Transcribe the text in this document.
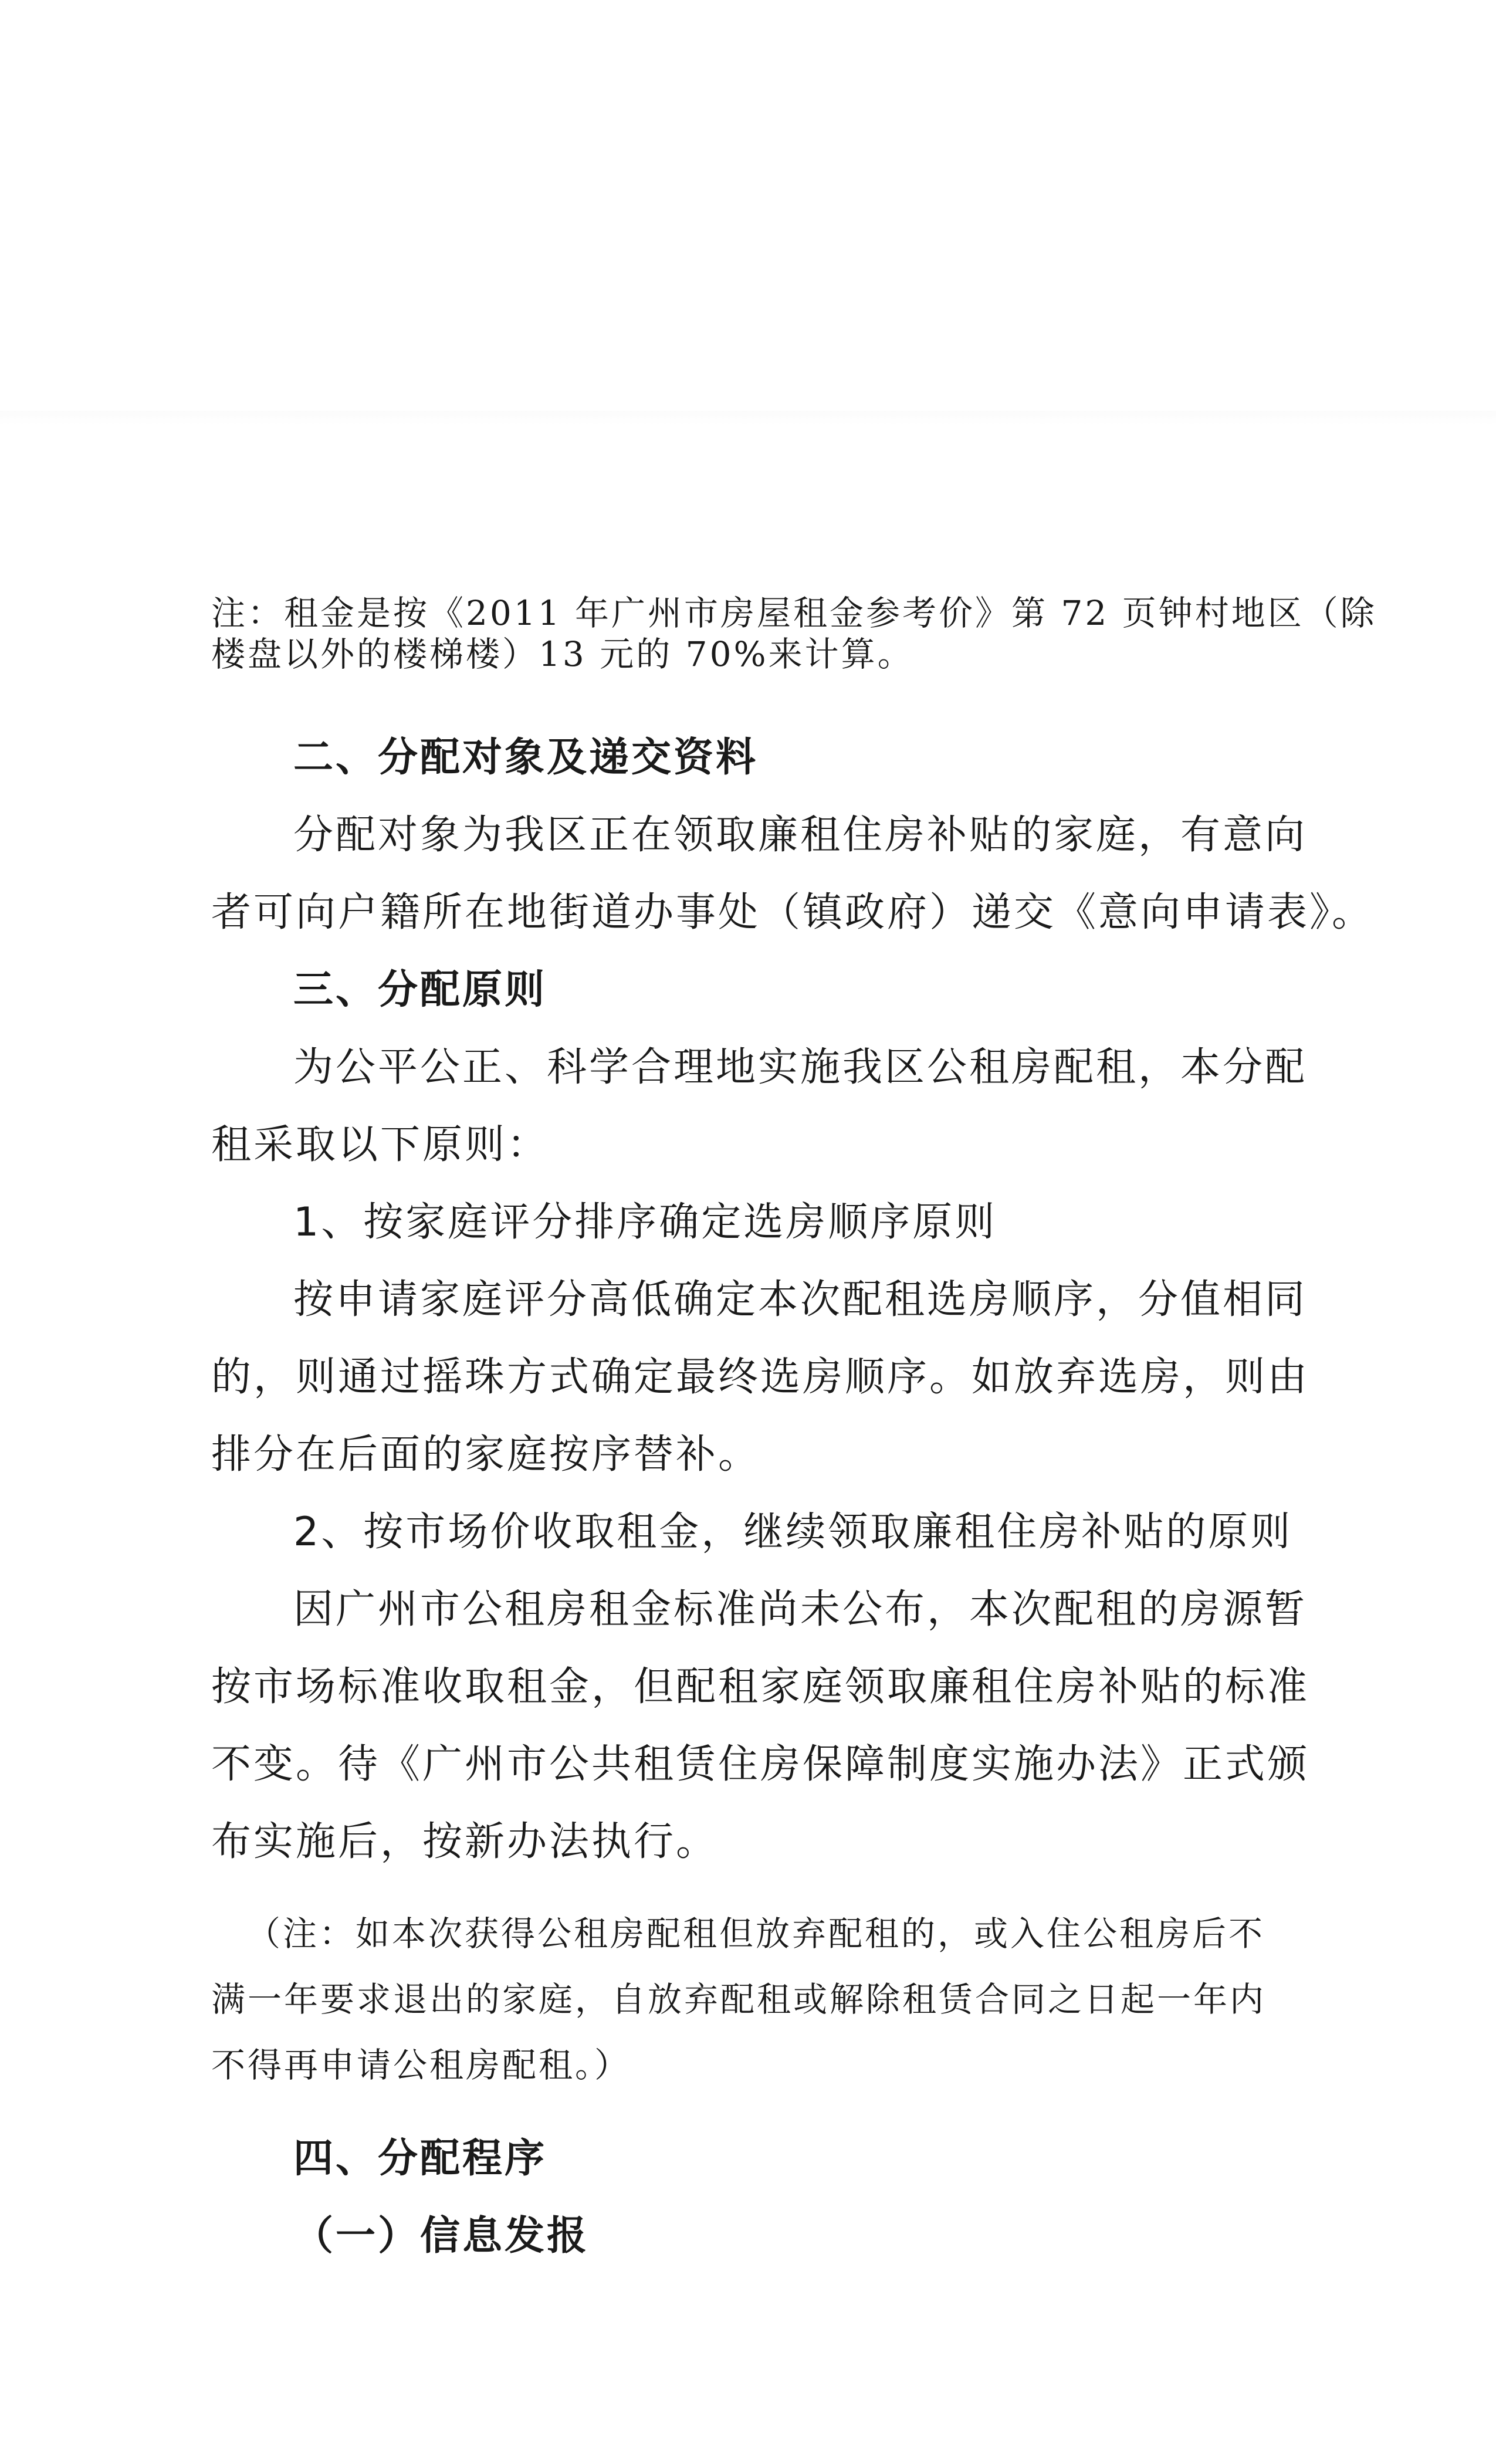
注：租金是按《2011 年广州市房屋租金参考价》第 72 页钟村地区（除

楼盘以外的楼梯楼）13 元的 70%来计算。

二、分配对象及递交资料

分配对象为我区正在领取廉租住房补贴的家庭，有意向

者可向户籍所在地街道办事处（镇政府）递交《意向申请表》。

三、分配原则

为公平公正、科学合理地实施我区公租房配租，本分配

租采取以下原则：

1、按家庭评分排序确定选房顺序原则

按申请家庭评分高低确定本次配租选房顺序，分值相同

的，则通过摇珠方式确定最终选房顺序。如放弃选房，则由

排分在后面的家庭按序替补。

2、按市场价收取租金，继续领取廉租住房补贴的原则

因广州市公租房租金标准尚未公布，本次配租的房源暂

按市场标准收取租金，但配租家庭领取廉租住房补贴的标准

不变。待《广州市公共租赁住房保障制度实施办法》正式颁

布实施后，按新办法执行。

（注：如本次获得公租房配租但放弃配租的，或入住公租房后不

满一年要求退出的家庭，自放弃配租或解除租赁合同之日起一年内

不得再申请公租房配租。）

四、分配程序

（一）信息发报
